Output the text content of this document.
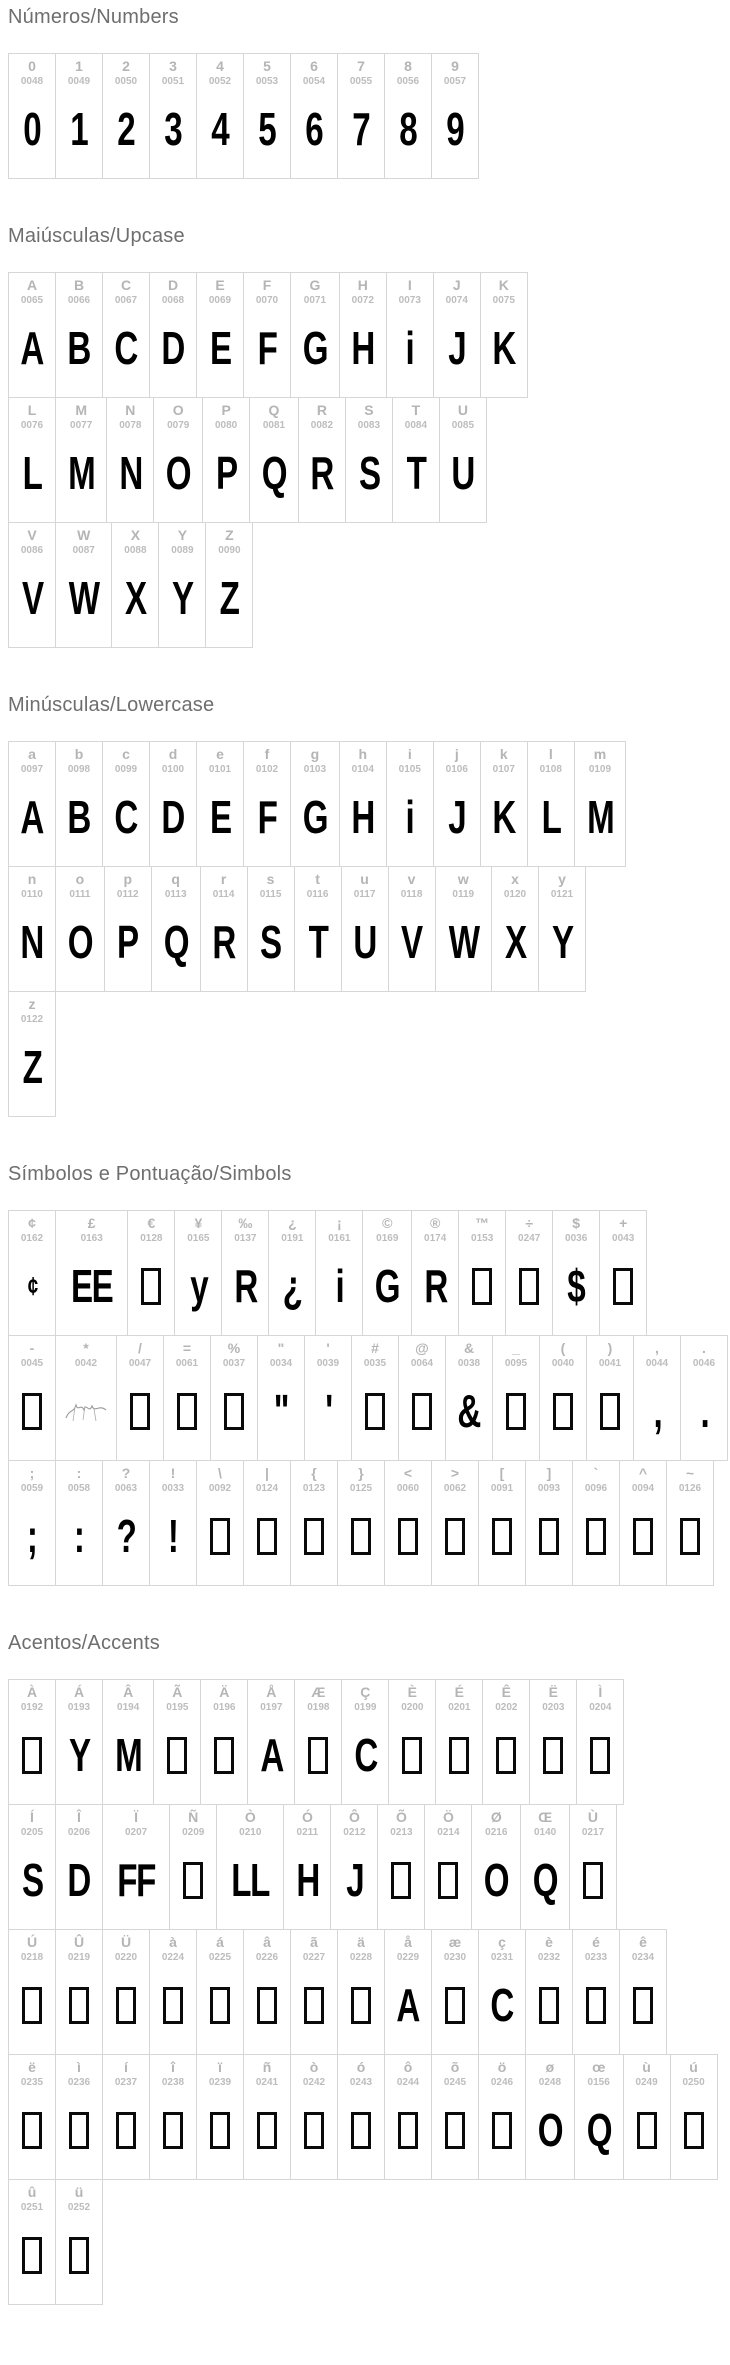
Números/Numbers
0
0048
0
1
0049
1
2
0050
2
3
0051
3
4
0052
4
5
0053
5
6
0054
6
7
0055
7
8
0056
8
9
0057
9
Maiúsculas/Upcase
A
0065
A
B
0066
B
C
0067
C
D
0068
D
E
0069
E
F
0070
F
G
0071
G
H
0072
H
I
0073
i
J
0074
J
K
0075
K
L
0076
L
M
0077
M
N
0078
N
O
0079
O
P
0080
P
Q
0081
Q
R
0082
R
S
0083
S
T
0084
T
U
0085
U
V
0086
V
W
0087
W
X
0088
X
Y
0089
Y
Z
0090
Z
Minúsculas/Lowercase
a
0097
A
b
0098
B
c
0099
C
d
0100
D
e
0101
E
f
0102
F
g
0103
G
h
0104
H
i
0105
i
j
0106
J
k
0107
K
l
0108
L
m
0109
M
n
0110
N
o
0111
O
p
0112
P
q
0113
Q
r
0114
R
s
0115
S
t
0116
T
u
0117
U
v
0118
V
w
0119
W
x
0120
X
y
0121
Y
z
0122
Z
Símbolos e Pontuação/Simbols
¢
0162
¢
£
0163
EE
€
0128
¥
0165
y
‰
0137
R
¿
0191
¿
¡
0161
i
©
0169
G
®
0174
R
™
0153
÷
0247
$
0036
$
+
0043
-
0045
*
0042
/
0047
=
0061
%
0037
"
0034
"
'
0039
'
#
0035
@
0064
&
0038
&
_
0095
(
0040
)
0041
,
0044
,
.
0046
.
;
0059
;
:
0058
:
?
0063
?
!
0033
!
\
0092
|
0124
{
0123
}
0125
<
0060
>
0062
[
0091
]
0093
`
0096
^
0094
~
0126
Acentos/Accents
À
0192
Á
0193
Y
Â
0194
M
Ã
0195
Ä
0196
Å
0197
A
Æ
0198
Ç
0199
C
È
0200
É
0201
Ê
0202
Ë
0203
Ì
0204
Í
0205
S
Î
0206
D
Ï
0207
FF
Ñ
0209
Ò
0210
LL
Ó
0211
H
Ô
0212
J
Õ
0213
Ö
0214
Ø
0216
O
Œ
0140
Q
Ù
0217
Ú
0218
Û
0219
Ü
0220
à
0224
á
0225
â
0226
ã
0227
ä
0228
å
0229
A
æ
0230
ç
0231
C
è
0232
é
0233
ê
0234
ë
0235
ì
0236
í
0237
î
0238
ï
0239
ñ
0241
ò
0242
ó
0243
ô
0244
õ
0245
ö
0246
ø
0248
O
œ
0156
Q
ù
0249
ú
0250
û
0251
ü
0252
